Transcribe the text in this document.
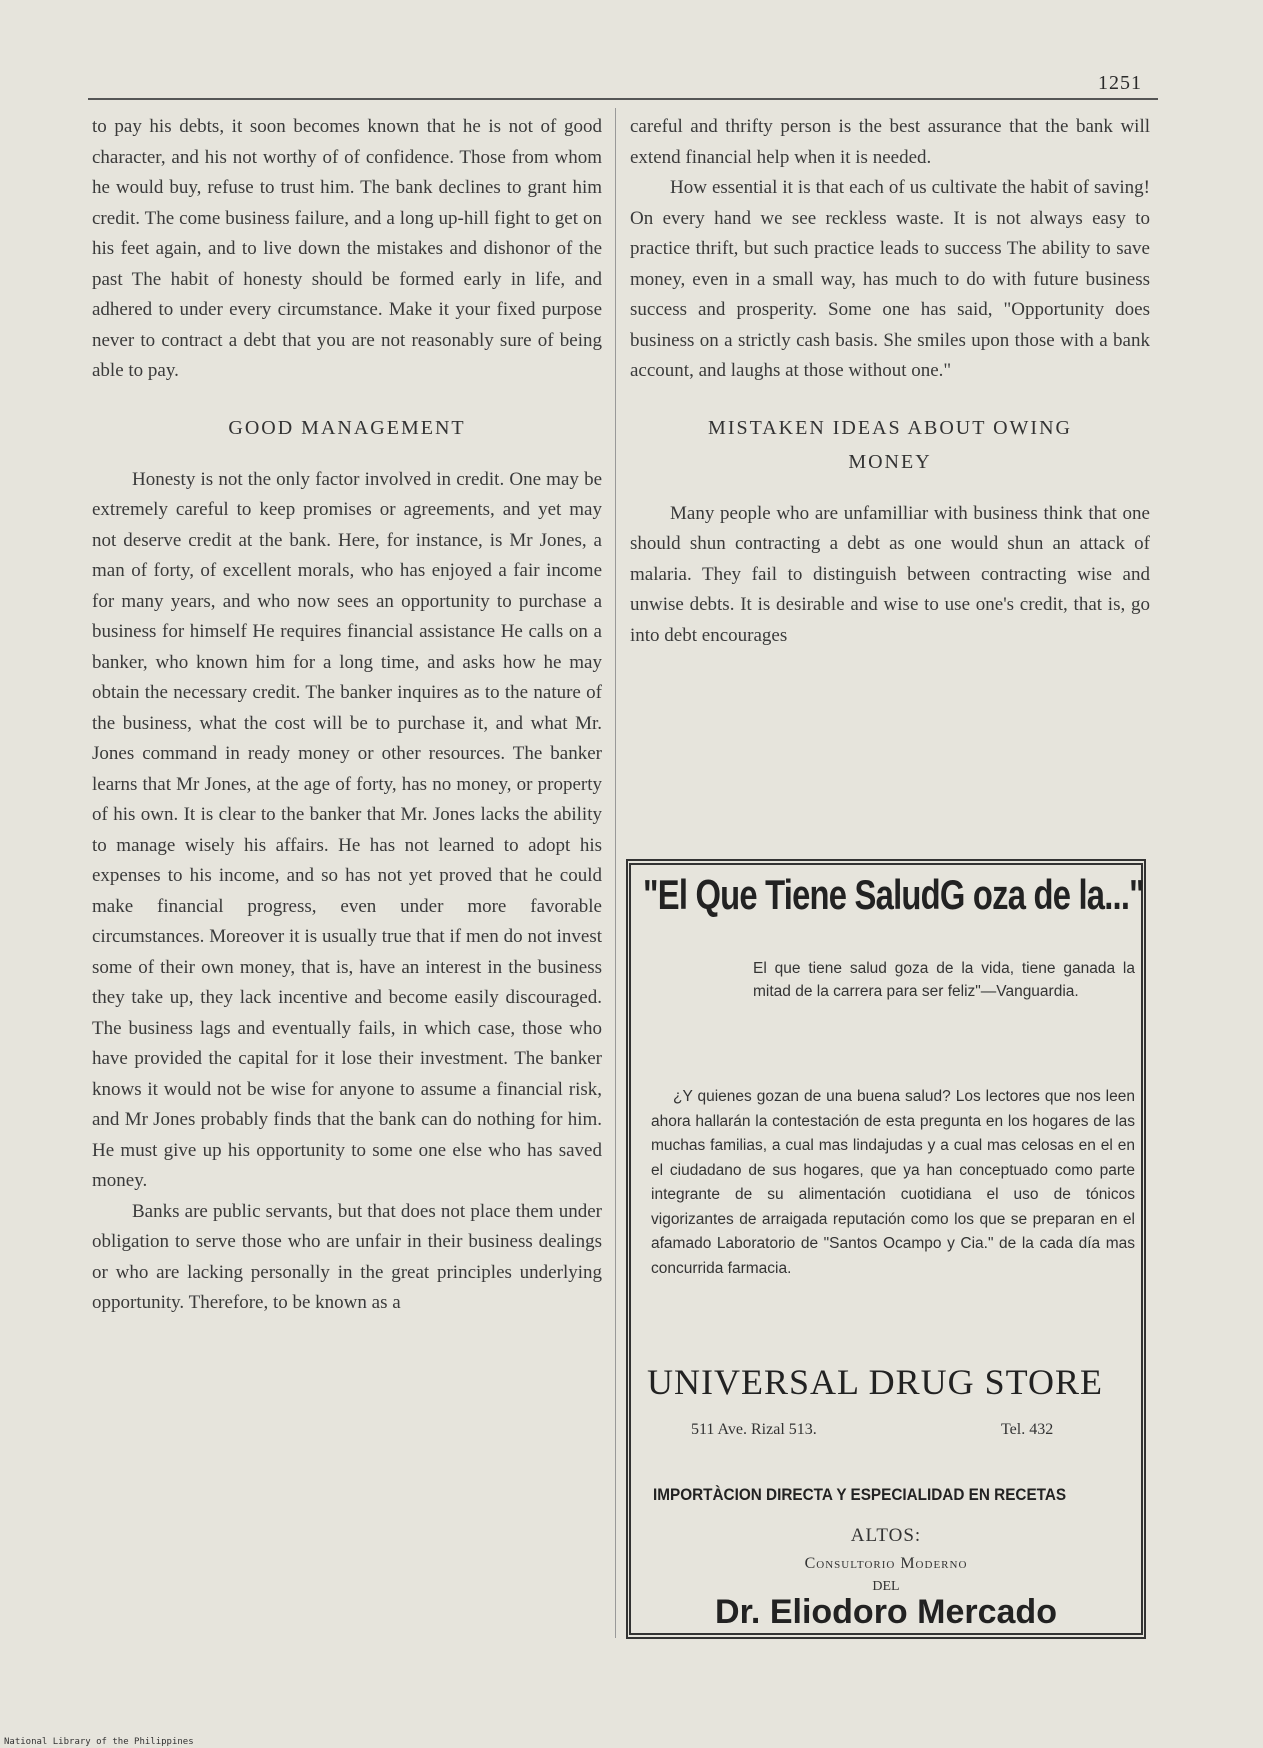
1251

to pay his debts, it soon becomes known that he is not of good character, and his not worthy of of confidence. Those from whom he would buy, refuse to trust him. The bank declines to grant him credit. The come business failure, and a long up-hill fight to get on his feet again, and to live down the mistakes and dishonor of the past The habit of honesty should be formed early in life, and adhered to under every circumstance. Make it your fixed purpose never to contract a debt that you are not reasonably sure of being able to pay.

GOOD MANAGEMENT

Honesty is not the only factor involved in credit. One may be extremely careful to keep promises or agreements, and yet may not deserve credit at the bank. Here, for instance, is Mr Jones, a man of forty, of excellent morals, who has enjoyed a fair income for many years, and who now sees an opportunity to purchase a business for himself He requires financial assistance He calls on a banker, who known him for a long time, and asks how he may obtain the necessary credit. The banker inquires as to the nature of the business, what the cost will be to purchase it, and what Mr. Jones command in ready money or other resources. The banker learns that Mr Jones, at the age of forty, has no money, or property of his own. It is clear to the banker that Mr. Jones lacks the ability to manage wisely his affairs. He has not learned to adopt his expenses to his income, and so has not yet proved that he could make financial progress, even under more favorable circumstances. Moreover it is usually true that if men do not invest some of their own money, that is, have an interest in the business they take up, they lack incentive and become easily discouraged. The business lags and eventually fails, in which case, those who have provided the capital for it lose their investment. The banker knows it would not be wise for anyone to assume a financial risk, and Mr Jones probably finds that the bank can do nothing for him. He must give up his opportunity to some one else who has saved money.

Banks are public servants, but that does not place them under obligation to serve those who are unfair in their business dealings or who are lacking personally in the great principles underlying opportunity. Therefore, to be known as a

careful and thrifty person is the best assurance that the bank will extend financial help when it is needed.

How essential it is that each of us cultivate the habit of saving! On every hand we see reckless waste. It is not always easy to practice thrift, but such practice leads to success The ability to save money, even in a small way, has much to do with future business success and prosperity. Some one has said, "Opportunity does business on a strictly cash basis. She smiles upon those with a bank account, and laughs at those without one."

MISTAKEN IDEAS ABOUT OWING MONEY

Many people who are unfamilliar with business think that one should shun contracting a debt as one would shun an attack of malaria. They fail to distinguish between contracting wise and unwise debts. It is desirable and wise to use one's credit, that is, go into debt encourages

"El Que Tiene SaludG oza de la..."
El que tiene salud goza de la vida, tiene ganada la mitad de la carrera para ser feliz"—Vanguardia.

¿Y quienes gozan de una buena salud? Los lectores que nos leen ahora hallarán la contestación de esta pregunta en los hogares de las muchas familias, a cual mas lindajudas y a cual mas celosas en el en el ciudadano de sus hogares, que ya han conceptuado como parte integrante de su alimentación cuotidiana el uso de tónicos vigorizantes de arraigada reputación como los que se preparan en el afamado Laboratorio de "Santos Ocampo y Cia." de la cada día mas concurrida farmacia.

UNIVERSAL DRUG STORE
511 Ave. Rizal 513.	Tel. 432
IMPORTÀCION DIRECTA Y ESPECIALIDAD EN RECETAS
ALTOS:
Consultorio Moderno
DEL
Dr. Eliodoro Mercado
National Library of the Philippines
